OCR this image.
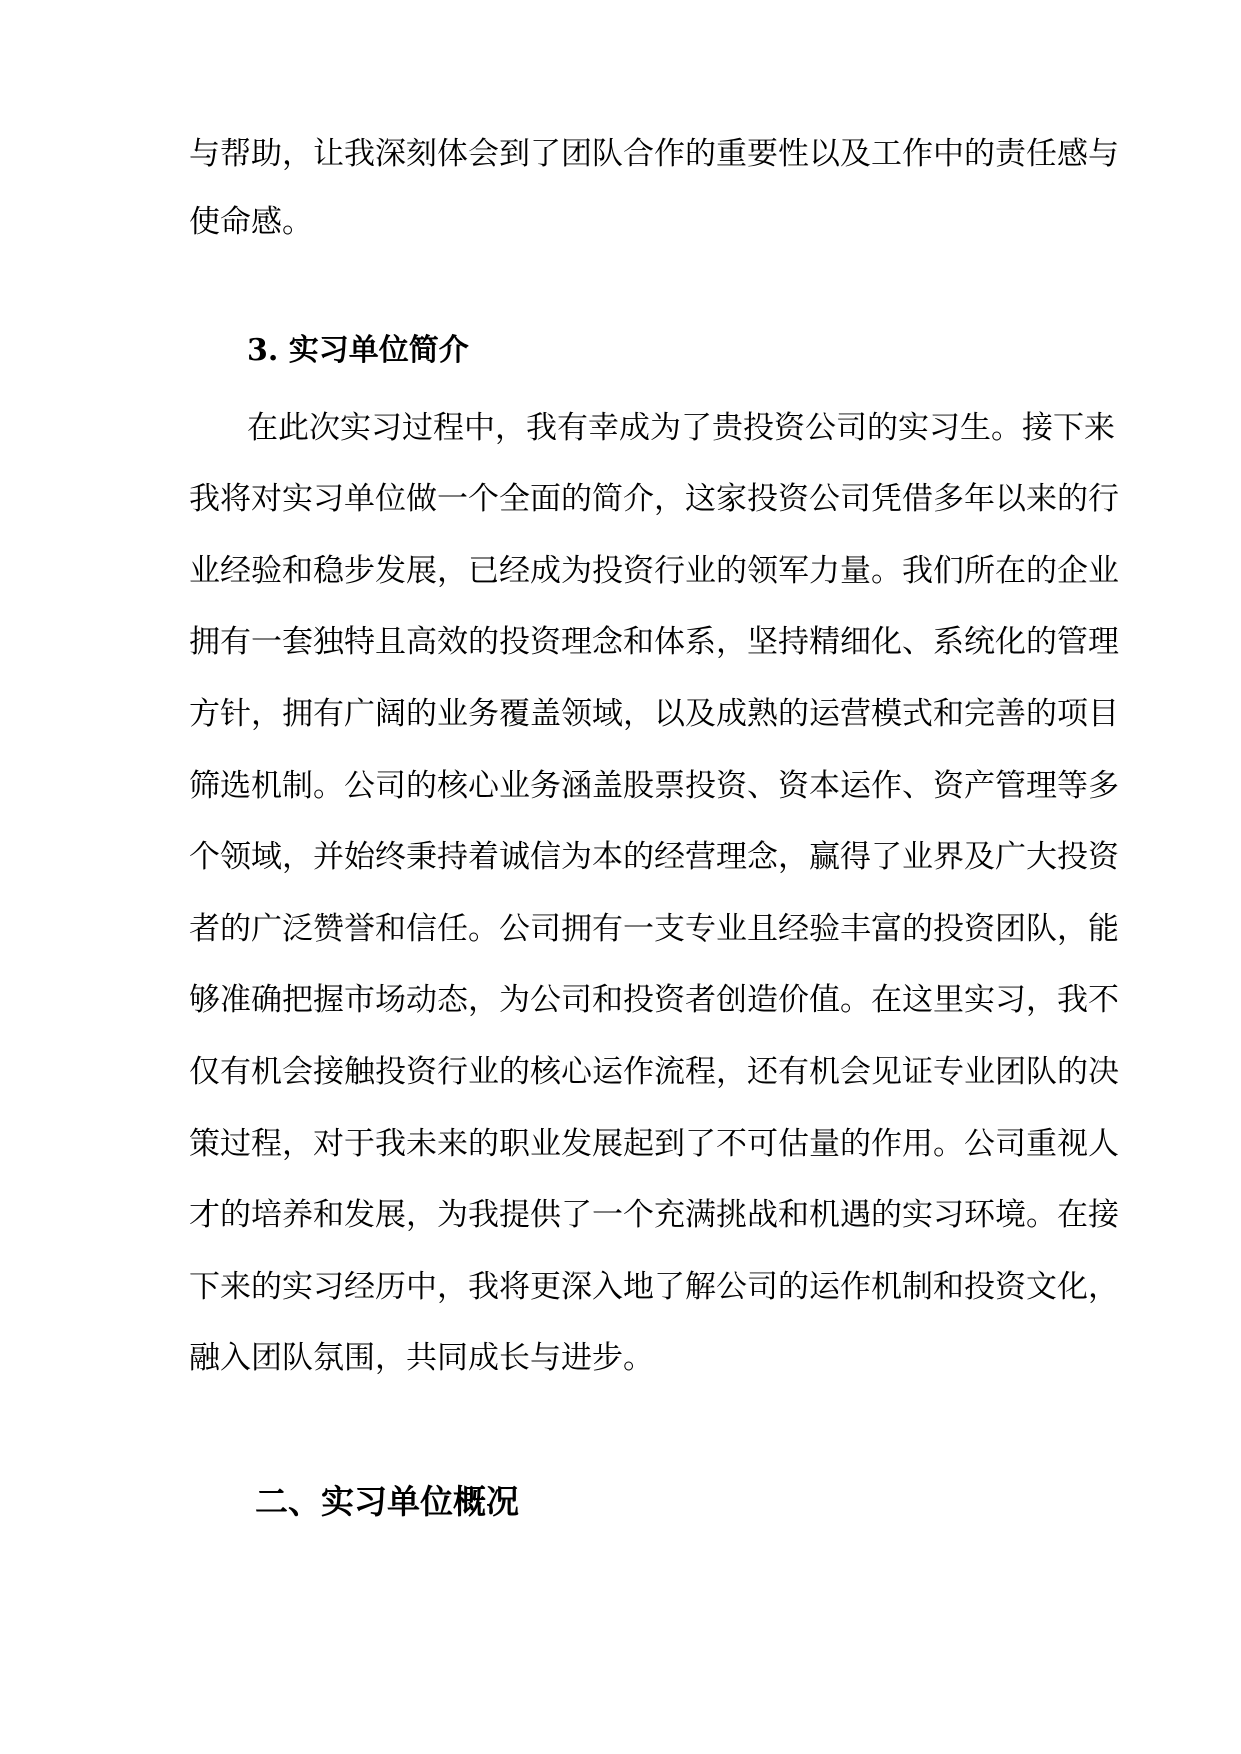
与帮助，让我深刻体会到了团队合作的重要性以及工作中的责任感与

使命感。

3. 实习单位简介

在此次实习过程中，我有幸成为了贵投资公司的实习生。接下来

我将对实习单位做一个全面的简介，这家投资公司凭借多年以来的行

业经验和稳步发展，已经成为投资行业的领军力量。我们所在的企业

拥有一套独特且高效的投资理念和体系，坚持精细化、系统化的管理

方针，拥有广阔的业务覆盖领域，以及成熟的运营模式和完善的项目

筛选机制。公司的核心业务涵盖股票投资、资本运作、资产管理等多

个领域，并始终秉持着诚信为本的经营理念，赢得了业界及广大投资

者的广泛赞誉和信任。公司拥有一支专业且经验丰富的投资团队，能

够准确把握市场动态，为公司和投资者创造价值。在这里实习，我不

仅有机会接触投资行业的核心运作流程，还有机会见证专业团队的决

策过程，对于我未来的职业发展起到了不可估量的作用。公司重视人

才的培养和发展，为我提供了一个充满挑战和机遇的实习环境。在接

下来的实习经历中，我将更深入地了解公司的运作机制和投资文化，

融入团队氛围，共同成长与进步。

二、实习单位概况
